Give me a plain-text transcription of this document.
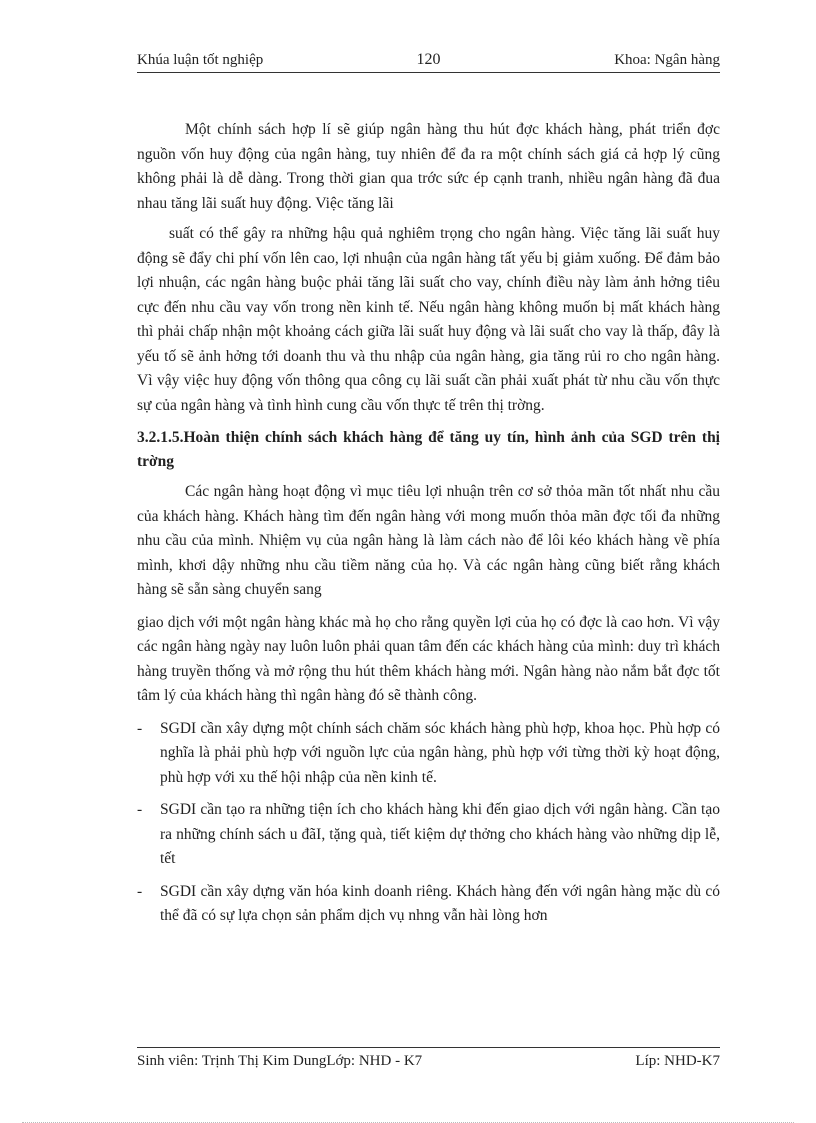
Khúa luận tốt nghiệp	120	Khoa: Ngân hàng

Một chính sách hợp lí sẽ giúp ngân hàng thu hút đợc khách hàng, phát triển đợc nguồn vốn huy động của ngân hàng, tuy nhiên để đa ra một chính sách giá cả hợp lý cũng không phải là dễ dàng. Trong thời gian qua trớc sức ép cạnh tranh, nhiều ngân hàng đã đua nhau tăng lãi suất huy động. Việc tăng lãi

suất có thể gây ra những hậu quả nghiêm trọng cho ngân hàng. Việc tăng lãi suất huy động sẽ đẩy chi phí vốn lên cao, lợi nhuận của ngân hàng tất yếu bị giảm xuống. Để đảm bảo lợi nhuận, các ngân hàng buộc phải tăng lãi suất cho vay, chính điều này làm ảnh hởng tiêu cực đến nhu cầu vay vốn trong nền kinh tế. Nếu ngân hàng không muốn bị mất khách hàng thì phải chấp nhận một khoảng cách giữa lãi suất huy động và lãi suất cho vay là thấp, đây là yếu tố sẽ ảnh hởng tới doanh thu và thu nhập của ngân hàng, gia tăng rủi ro cho ngân hàng. Vì vậy việc huy động vốn thông qua công cụ lãi suất cần phải xuất phát từ nhu cầu vốn thực sự của ngân hàng và tình hình cung cầu vốn thực tế trên thị trờng.

3.2.1.5.Hoàn thiện chính sách khách hàng để tăng uy tín, hình ảnh của SGD trên thị trờng

Các ngân hàng hoạt động vì mục tiêu lợi nhuận trên cơ sở thỏa mãn tốt nhất nhu cầu của khách hàng. Khách hàng tìm đến ngân hàng với mong muốn thỏa mãn đợc tối đa những nhu cầu của mình. Nhiệm vụ của ngân hàng là làm cách nào để lôi kéo khách hàng về phía mình, khơi dậy những nhu cầu tiềm năng của họ. Và các ngân hàng cũng biết rằng khách hàng sẽ sẵn sàng chuyển sang

giao dịch với một ngân hàng khác mà họ cho rằng quyền lợi của họ có đợc là cao hơn. Vì vậy các ngân hàng ngày nay luôn luôn phải quan tâm đến các khách hàng của mình: duy trì khách hàng truyền thống và mở rộng thu hút thêm khách hàng mới. Ngân hàng nào nắm bắt đợc tốt tâm lý của khách hàng thì ngân hàng đó sẽ thành công.

- SGDI cần xây dựng một chính sách chăm sóc khách hàng phù hợp, khoa học. Phù hợp có nghĩa là phải phù hợp với nguồn lực của ngân hàng, phù hợp với từng thời kỳ hoạt động, phù hợp với xu thế hội nhập của nền kinh tế.
- SGDI cần tạo ra những tiện ích cho khách hàng khi đến giao dịch với ngân hàng. Cần tạo ra những chính sách u đãI, tặng quà, tiết kiệm dự thởng cho khách hàng vào những dịp lễ, tết
- SGDI cần xây dựng văn hóa kinh doanh riêng. Khách hàng đến với ngân hàng mặc dù có thể đã có sự lựa chọn sản phẩm dịch vụ nhng vẫn hài lòng hơn
Sinh viên: Trịnh Thị Kim DungLớp: NHD - K7	Líp: NHD-K7
